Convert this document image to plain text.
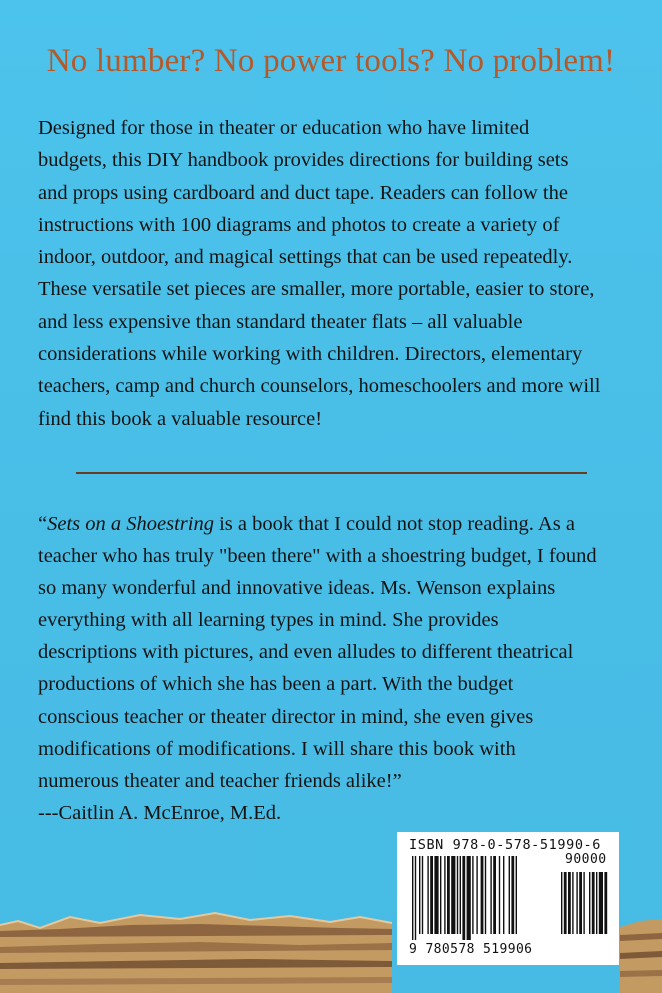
No lumber? No power tools? No problem!
Designed for those in theater or education who have limited
budgets, this DIY handbook provides directions for building sets
and props using cardboard and duct tape. Readers can follow the
instructions with 100 diagrams and photos to create a variety of
indoor, outdoor, and magical settings that can be used repeatedly.
These versatile set pieces are smaller, more portable, easier to store,
and less expensive than standard theater flats – all valuable
considerations while working with children. Directors, elementary
teachers, camp and church counselors, homeschoolers and more will
find this book a valuable resource!
“Sets on a Shoestring is a book that I could not stop reading. As a
teacher who has truly "been there" with a shoestring budget, I found
so many wonderful and innovative ideas. Ms. Wenson explains
everything with all learning types in mind. She provides
descriptions with pictures, and even alludes to different theatrical
productions of which she has been a part. With the budget
conscious teacher or theater director in mind, she even gives
modifications of modifications. I will share this book with
numerous theater and teacher friends alike!”
---Caitlin A. McEnroe, M.Ed.
ISBN 978-0-578-51990-6
90000
9 780578 519906
